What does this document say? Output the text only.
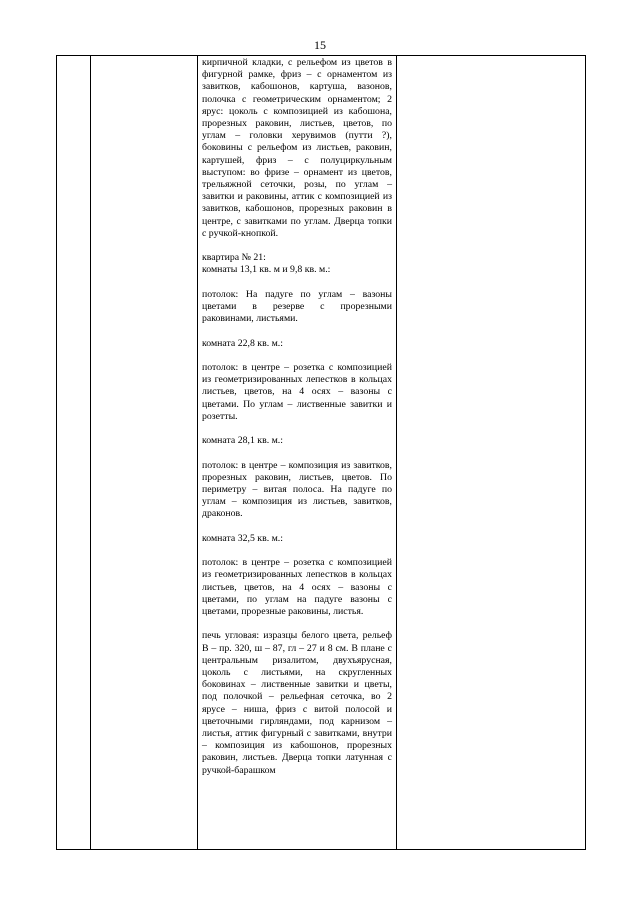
15

кирпичной кладки, с рельефом из цветов в фигурной рамке, фриз – с орнаментом из завитков, кабошонов, картуша, вазонов, полочка с геометрическим орнаментом; 2 ярус: цоколь с композицией из кабошона, прорезных раковин, листьев, цветов, по углам – головки херувимов (путти ?), боковины с рельефом из листьев, раковин, картушей, фриз – с полуциркульным выступом: во фризе – орнамент из цветов, трельяжной сеточки, розы, по углам – завитки и раковины, аттик с композицией из завитков, кабошонов, прорезных раковин в центре, с завитками по углам. Дверца топки с ручкой-кнопкой.

квартира № 21:
комнаты 13,1 кв. м и 9,8 кв. м.:

потолок: На падуге по углам – вазоны цветами в резерве с прорезными раковинами, листьями.

комната 22,8 кв. м.:

потолок: в центре – розетка с композицией из геометризированных лепестков в кольцах листьев, цветов, на 4 осях – вазоны с цветами. По углам – лиственные завитки и розетты.

комната 28,1 кв. м.:

потолок: в центре – композиция из завитков, прорезных раковин, листьев, цветов. По периметру – витая полоса. На падуге по углам – композиция из листьев, завитков, драконов.

комната 32,5 кв. м.:

потолок: в центре – розетка с композицией из геометризированных лепестков в кольцах листьев, цветов, на 4 осях – вазоны с цветами, по углам на падуге вазоны с цветами, прорезные раковины, листья.

печь угловая: изразцы белого цвета, рельеф В – пр. 320, ш – 87, гл – 27 и 8 см. В плане с центральным ризалитом, двухъярусная, цоколь с листьями, на скругленных боковинах – лиственные завитки и цветы, под полочкой – рельефная сеточка, во 2 ярусе – ниша, фриз с витой полосой и цветочными гирляндами, под карнизом – листья, аттик фигурный с завитками, внутри – композиция из кабошонов, прорезных раковин, листьев. Дверца топки латунная с ручкой-барашком
